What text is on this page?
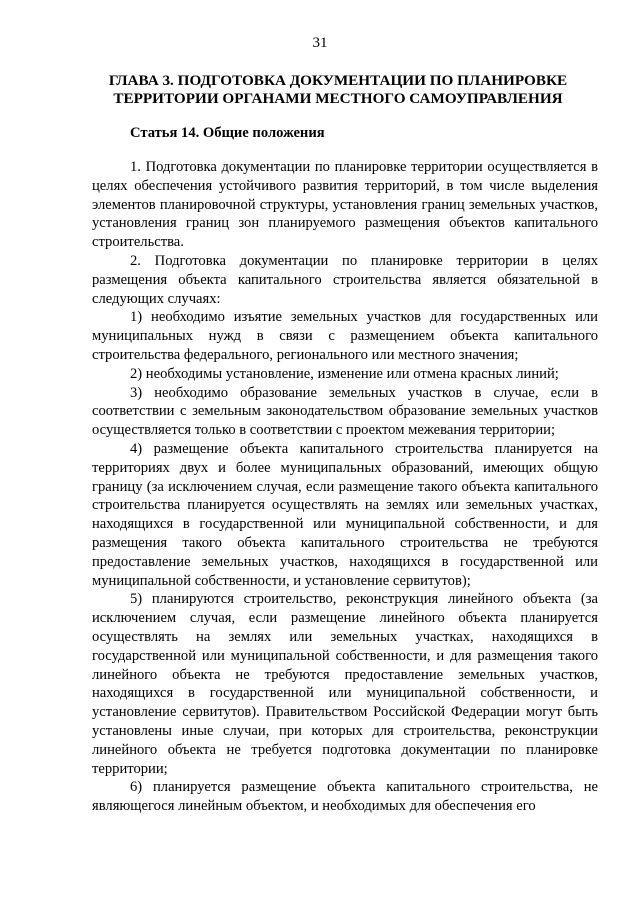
31
ГЛАВА 3. ПОДГОТОВКА ДОКУМЕНТАЦИИ ПО ПЛАНИРОВКЕ ТЕРРИТОРИИ ОРГАНАМИ МЕСТНОГО САМОУПРАВЛЕНИЯ
Статья 14. Общие положения

1. Подготовка документации по планировке территории осуществляется в целях обеспечения устойчивого развития территорий, в том числе выделения элементов планировочной структуры, установления границ земельных участков, установления границ зон планируемого размещения объектов капитального строительства.

2. Подготовка документации по планировке территории в целях размещения объекта капитального строительства является обязательной в следующих случаях:

1) необходимо изъятие земельных участков для государственных или муниципальных нужд в связи с размещением объекта капитального строительства федерального, регионального или местного значения;

2) необходимы установление, изменение или отмена красных линий;

3) необходимо образование земельных участков в случае, если в соответствии с земельным законодательством образование земельных участков осуществляется только в соответствии с проектом межевания территории;

4) размещение объекта капитального строительства планируется на территориях двух и более муниципальных образований, имеющих общую границу (за исключением случая, если размещение такого объекта капитального строительства планируется осуществлять на землях или земельных участках, находящихся в государственной или муниципальной собственности, и для размещения такого объекта капитального строительства не требуются предоставление земельных участков, находящихся в государственной или муниципальной собственности, и установление сервитутов);

5) планируются строительство, реконструкция линейного объекта (за исключением случая, если размещение линейного объекта планируется осуществлять на землях или земельных участках, находящихся в государственной или муниципальной собственности, и для размещения такого линейного объекта не требуются предоставление земельных участков, находящихся в государственной или муниципальной собственности, и установление сервитутов). Правительством Российской Федерации могут быть установлены иные случаи, при которых для строительства, реконструкции линейного объекта не требуется подготовка документации по планировке территории;

6) планируется размещение объекта капитального строительства, не являющегося линейным объектом, и необходимых для обеспечения его
